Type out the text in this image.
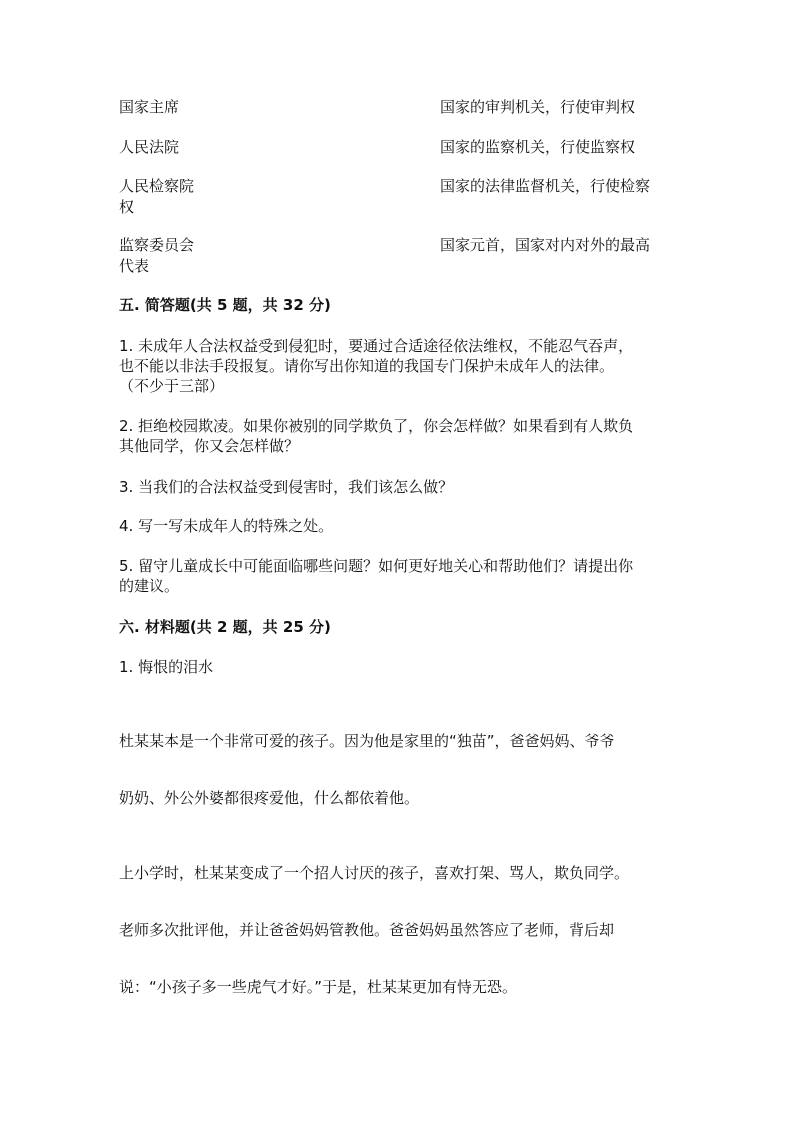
国家主席
人民法院
人民检察院
权
监察委员会
代表
国家的审判机关，行使审判权
国家的监察机关，行使监察权
国家的法律监督机关，行使检察
国家元首，国家对内对外的最高
五. 简答题(共 5 题，共 32 分)
1. 未成年人合法权益受到侵犯时，要通过合适途径依法维权，不能忍气吞声，
也不能以非法手段报复。请你写出你知道的我国专门保护未成年人的法律。
（不少于三部）
2. 拒绝校园欺凌。如果你被别的同学欺负了，你会怎样做？如果看到有人欺负
其他同学，你又会怎样做？
3. 当我们的合法权益受到侵害时，我们该怎么做？
4. 写一写未成年人的特殊之处。
5. 留守儿童成长中可能面临哪些问题？如何更好地关心和帮助他们？请提出你
的建议。
六. 材料题(共 2 题，共 25 分)
1. 悔恨的泪水
杜某某本是一个非常可爱的孩子。因为他是家里的“独苗”，爸爸妈妈、爷爷
奶奶、外公外婆都很疼爱他，什么都依着他。
上小学时，杜某某变成了一个招人讨厌的孩子，喜欢打架、骂人，欺负同学。
老师多次批评他，并让爸爸妈妈管教他。爸爸妈妈虽然答应了老师，背后却
说：“小孩子多一些虎气才好。”于是，杜某某更加有恃无恐。
